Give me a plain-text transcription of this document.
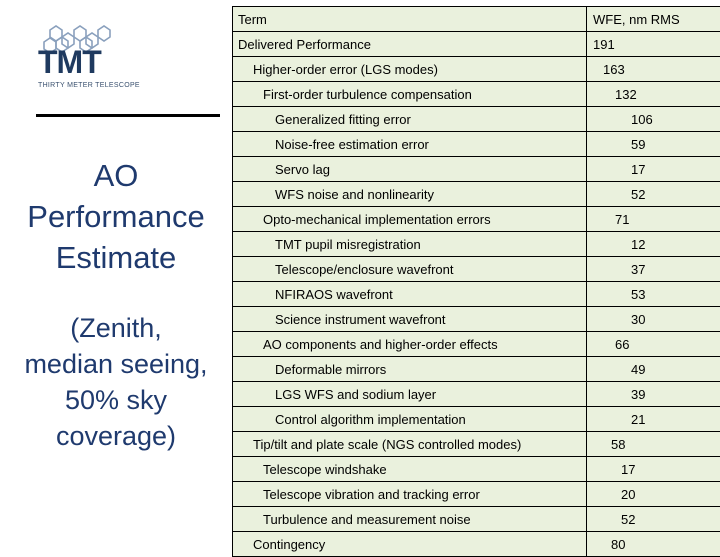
TMT
THIRTY METER TELESCOPE
AO
Performance
Estimate
(Zenith,
median seeing,
50% sky
coverage)
Term	WFE, nm RMS
Delivered Performance	191
Higher-order error (LGS modes)	163
First-order turbulence compensation	132
Generalized fitting error	106
Noise-free estimation error	59
Servo lag	17
WFS noise and nonlinearity	52
Opto-mechanical implementation errors	71
TMT pupil misregistration	12
Telescope/enclosure wavefront	37
NFIRAOS wavefront	53
Science instrument wavefront	30
AO components and higher-order effects	66
Deformable mirrors	49
LGS WFS and sodium layer	39
Control algorithm implementation	21
Tip/tilt and plate scale (NGS controlled modes)	58
Telescope windshake	17
Telescope vibration and tracking error	20
Turbulence and measurement noise	52
Contingency	80
